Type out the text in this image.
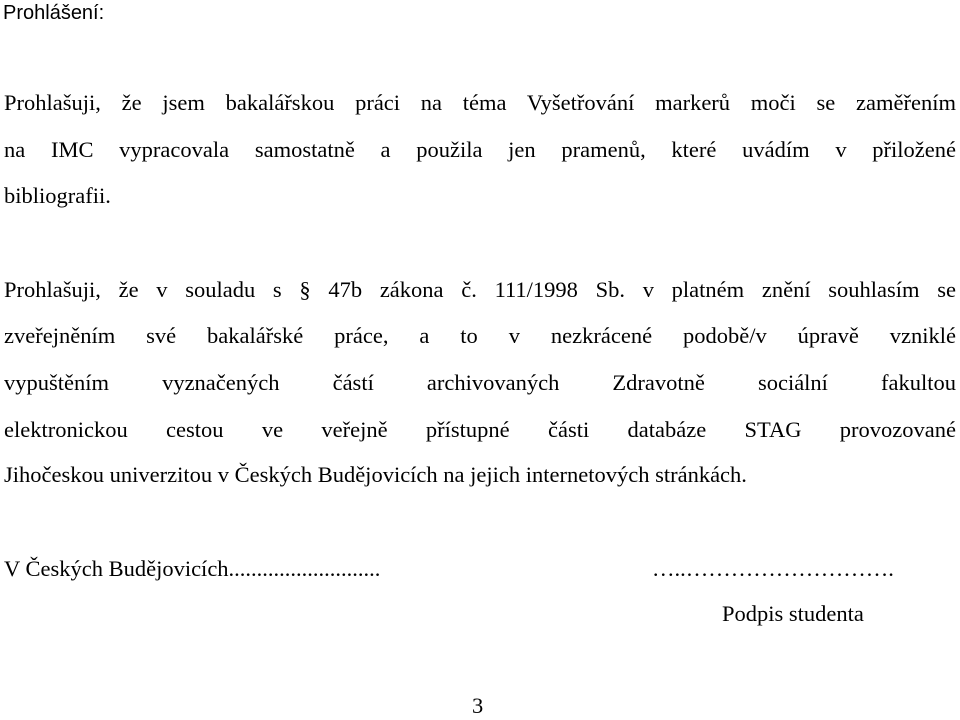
Prohlášení:
Prohlašuji, že jsem bakalářskou práci na téma Vyšetřování markerů moči se zaměřením
na IMC vypracovala samostatně a použila jen pramenů, které uvádím v přiložené
bibliografii.
Prohlašuji, že v souladu s § 47b zákona č. 111/1998 Sb. v platném znění souhlasím se
zveřejněním své bakalářské práce, a to v nezkrácené podobě/v úpravě vzniklé
vypuštěním vyznačených částí archivovaných Zdravotně sociální fakultou
elektronickou cestou ve veřejně přístupné části databáze STAG provozované
Jihočeskou univerzitou v Českých Budějovicích na jejich internetových stránkách.
V Českých Budějovicích...........................	…..……………………….
Podpis studenta
3
